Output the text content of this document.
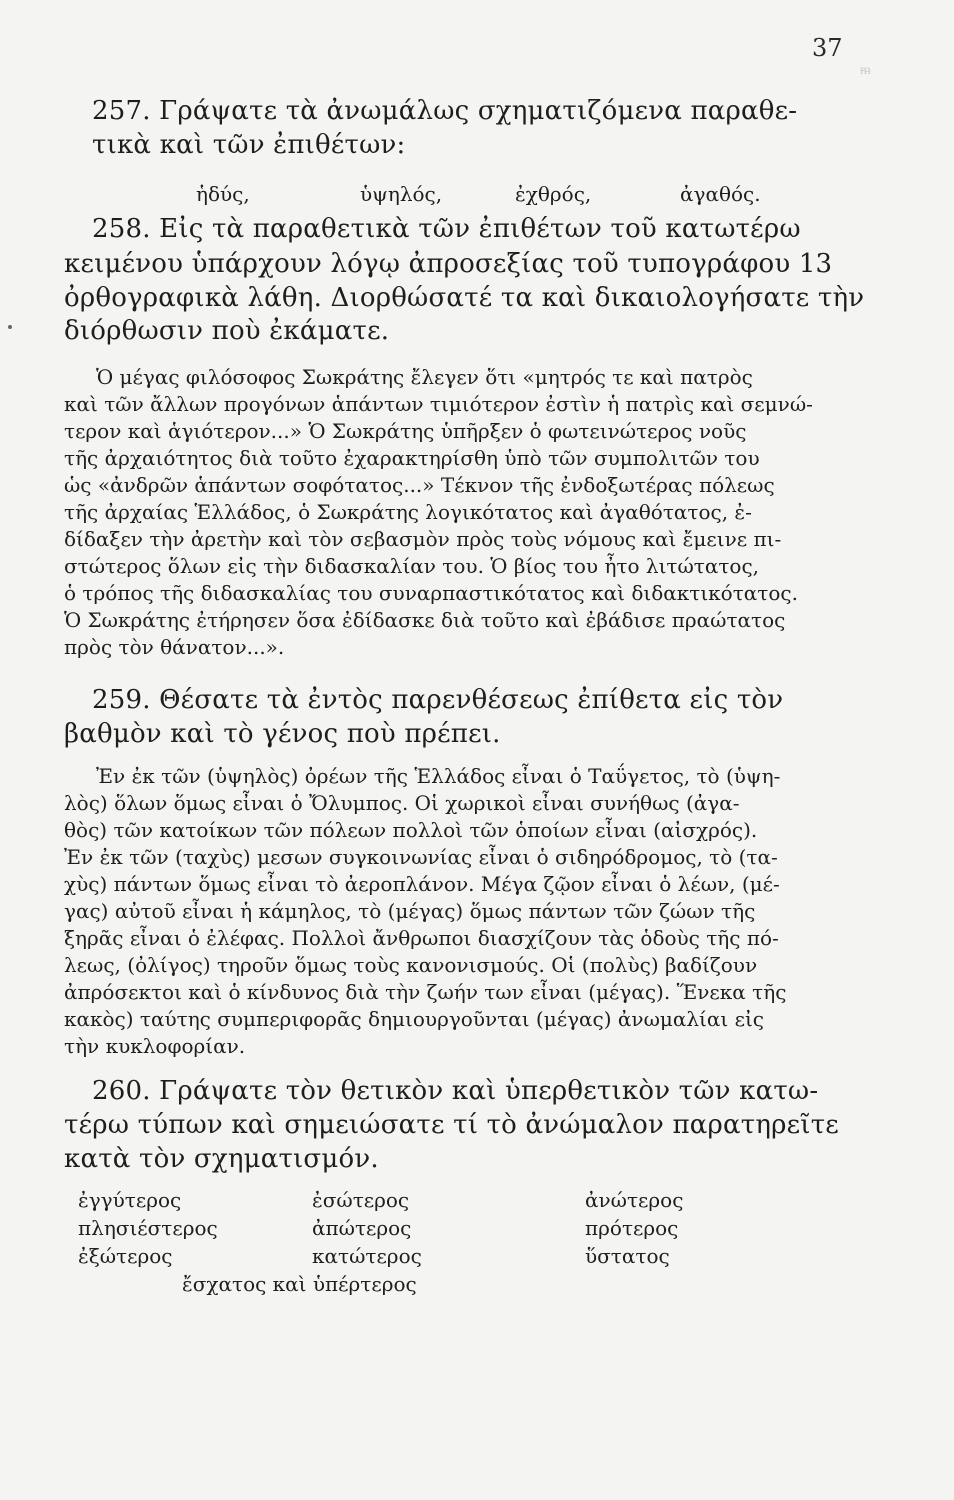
ᵯ
37
257. Γράψατε τὰ ἀνωμάλως σχηματιζόμενα παραθε-
τικὰ καὶ τῶν ἐπιθέτων:
ἡδύς,	ὑψηλός,	ἐχθρός,	ἀγαθός.
258. Εἰς τὰ παραθετικὰ τῶν ἐπιθέτων τοῦ κατωτέρω
κειμένου ὑπάρχουν λόγῳ ἀπροσεξίας τοῦ τυπογράφου 13
ὀρθογραφικὰ λάθη. Διορθώσατέ τα καὶ δικαιολογήσατε τὴν
διόρθωσιν ποὺ ἐκάματε.
Ὁ μέγας φιλόσοφος Σωκράτης ἔλεγεν ὅτι «μητρός τε καὶ πατρὸς
καὶ τῶν ἄλλων προγόνων ἁπάντων τιμιότερον ἐστὶν ἡ πατρὶς καὶ σεμνώ-
τερον καὶ ἁγιότερον...» Ὁ Σωκράτης ὑπῆρξεν ὁ φωτεινώτερος νοῦς
τῆς ἀρχαιότητος διὰ τοῦτο ἐχαρακτηρίσθη ὑπὸ τῶν συμπολιτῶν του
ὡς «ἀνδρῶν ἁπάντων σοφότατος...» Τέκνον τῆς ἐνδοξωτέρας πόλεως
τῆς ἀρχαίας Ἑλλάδος, ὁ Σωκράτης λογικότατος καὶ ἀγαθότατος, ἐ-
δίδαξεν τὴν ἀρετὴν καὶ τὸν σεβασμὸν πρὸς τοὺς νόμους καὶ ἔμεινε πι-
στώτερος ὅλων εἰς τὴν διδασκαλίαν του. Ὁ βίος του ἦτο λιτώτατος,
ὁ τρόπος τῆς διδασκαλίας του συναρπαστικότατος καὶ διδακτικότατος.
Ὁ Σωκράτης ἐτήρησεν ὅσα ἐδίδασκε διὰ τοῦτο καὶ ἐβάδισε πραώτατος
πρὸς τὸν θάνατον...».
259. Θέσατε τὰ ἐντὸς παρενθέσεως ἐπίθετα εἰς τὸν
βαθμὸν καὶ τὸ γένος ποὺ πρέπει.
Ἐν ἐκ τῶν (ὑψηλὸς) ὀρέων τῆς Ἑλλάδος εἶναι ὁ Ταΰγετος, τὸ (ὑψη-
λὸς) ὅλων ὅμως εἶναι ὁ Ὄλυμπος. Οἱ χωρικοὶ εἶναι συνήθως (ἀγα-
θὸς) τῶν κατοίκων τῶν πόλεων πολλοὶ τῶν ὁποίων εἶναι (αἰσχρός).
Ἐν ἐκ τῶν (ταχὺς) μεσων συγκοινωνίας εἶναι ὁ σιδηρόδρομος, τὸ (τα-
χὺς) πάντων ὅμως εἶναι τὸ ἀεροπλάνον. Μέγα ζῷον εἶναι ὁ λέων, (μέ-
γας) αὐτοῦ εἶναι ἡ κάμηλος, τὸ (μέγας) ὅμως πάντων τῶν ζώων τῆς
ξηρᾶς εἶναι ὁ ἐλέφας. Πολλοὶ ἄνθρωποι διασχίζουν τὰς ὁδοὺς τῆς πό-
λεως, (ὀλίγος) τηροῦν ὅμως τοὺς κανονισμούς. Οἱ (πολὺς) βαδίζουν
ἀπρόσεκτοι καὶ ὁ κίνδυνος διὰ τὴν ζωήν των εἶναι (μέγας). Ἕνεκα τῆς
κακὸς) ταύτης συμπεριφορᾶς δημιουργοῦνται (μέγας) ἀνωμαλίαι εἰς
τὴν κυκλοφορίαν.
260. Γράψατε τὸν θετικὸν καὶ ὑπερθετικὸν τῶν κατω-
τέρω τύπων καὶ σημειώσατε τί τὸ ἀνώμαλον παρατηρεῖτε
κατὰ τὸν σχηματισμόν.
ἐγγύτερος	ἐσώτερος	ἀνώτερος
πλησιέστερος	ἀπώτερος	πρότερος
ἐξώτερος	κατώτερος	ὕστατος
ἔσχατος καὶ ὑπέρτερος
